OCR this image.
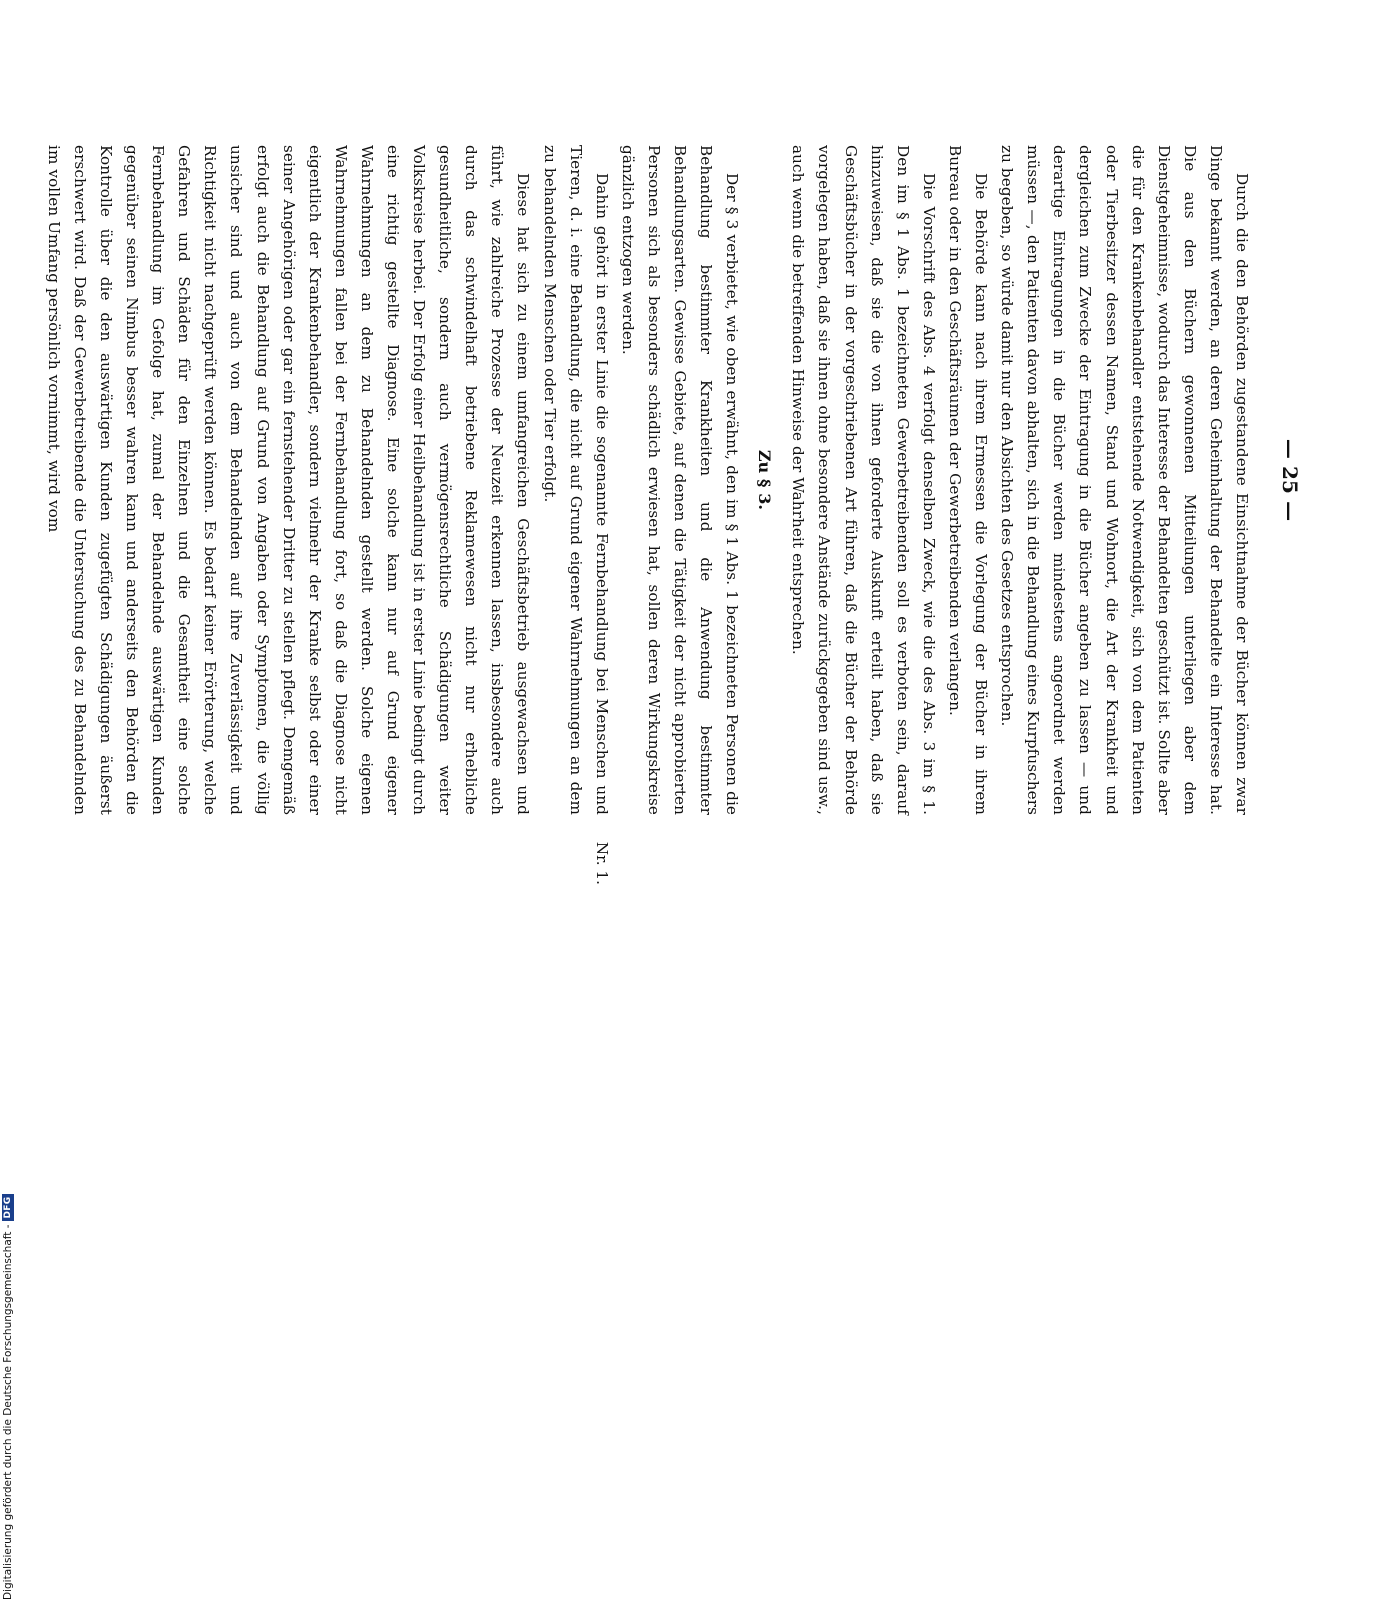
— 25 —

Durch die den Behörden zugestandene Einsichtnahme der Bücher können zwar Dinge bekannt werden, an deren Geheimhaltung der Behandelte ein Interesse hat. Die aus den Büchern gewonnenen Mitteilungen unterliegen aber dem Dienstgeheimnisse, wodurch das Interesse der Behandelten geschützt ist. Sollte aber die für den Krankenbehandler entstehende Notwendigkeit, sich von dem Patienten oder Tierbesitzer dessen Namen, Stand und Wohnort, die Art der Krankheit und dergleichen zum Zwecke der Eintragung in die Bücher angeben zu lassen — und derartige Eintragungen in die Bücher werden mindestens angeordnet werden müssen —, den Patienten davon abhalten, sich in die Behandlung eines Kurpfuschers zu begeben, so würde damit nur den Absichten des Gesetzes entsprochen.

Die Behörde kann nach ihrem Ermessen die Vorlegung der Bücher in ihrem Bureau oder in den Geschäftsräumen der Gewerbetreibenden verlangen.

Die Vorschrift des Abs. 4 verfolgt denselben Zweck, wie die des Abs. 3 im § 1. Den im § 1 Abs. 1 bezeichneten Gewerbetreibenden soll es verboten sein, darauf hinzuweisen, daß sie die von ihnen geforderte Auskunft erteilt haben, daß sie Geschäftsbücher in der vorgeschriebenen Art führen, daß die Bücher der Behörde vorgelegen haben, daß sie ihnen ohne besondere Anstände zurückgegeben sind usw., auch wenn die betreffenden Hinweise der Wahrheit entsprechen.

Zu § 3.

Der § 3 verbietet, wie oben erwähnt, den im § 1 Abs. 1 bezeichneten Personen die Behandlung bestimmter Krankheiten und die Anwendung bestimmter Behandlungsarten. Gewisse Gebiete, auf denen die Tätigkeit der nicht approbierten Personen sich als besonders schädlich erwiesen hat, sollen deren Wirkungskreise gänzlich entzogen werden.

Nr. 1.

Dahin gehört in erster Linie die sogenannte Fernbehandlung bei Menschen und Tieren, d. i. eine Behandlung, die nicht auf Grund eigener Wahrnehmungen an dem zu behandelnden Menschen oder Tier erfolgt.

Diese hat sich zu einem umfangreichen Geschäftsbetrieb ausgewachsen und führt, wie zahlreiche Prozesse der Neuzeit erkennen lassen, insbesondere auch durch das schwindelhaft betriebene Reklamewesen nicht nur erhebliche gesundheitliche, sondern auch vermögensrechtliche Schädigungen weiter Volkskreise herbei. Der Erfolg einer Heilbehandlung ist in erster Linie bedingt durch eine richtig gestellte Diagnose. Eine solche kann nur auf Grund eigener Wahrnehmungen an dem zu Behandelnden gestellt werden. Solche eigenen Wahrnehmungen fallen bei der Fernbehandlung fort, so daß die Diagnose nicht eigentlich der Krankenbehandler, sondern vielmehr der Kranke selbst oder einer seiner Angehörigen oder gar ein fernstehender Dritter zu stellen pflegt. Demgemäß erfolgt auch die Behandlung auf Grund von Angaben oder Symptomen, die völlig unsicher sind und auch von dem Behandelnden auf ihre Zuverlässigkeit und Richtigkeit nicht nachgeprüft werden können. Es bedarf keiner Erörterung, welche Gefahren und Schäden für den Einzelnen und die Gesamtheit eine solche Fernbehandlung im Gefolge hat, zumal der Behandelnde auswärtigen Kunden gegenüber seinen Nimbus besser wahren kann und anderseits den Behörden die Kontrolle über die den auswärtigen Kunden zugefügten Schädigungen äußerst erschwert wird. Daß der Gewerbetreibende die Untersuchung des zu Behandelnden im vollen Umfang persönlich vornimmt, wird vom

Digitalisierung gefördert durch die Deutsche Forschungsgemeinschaft -
DFG
